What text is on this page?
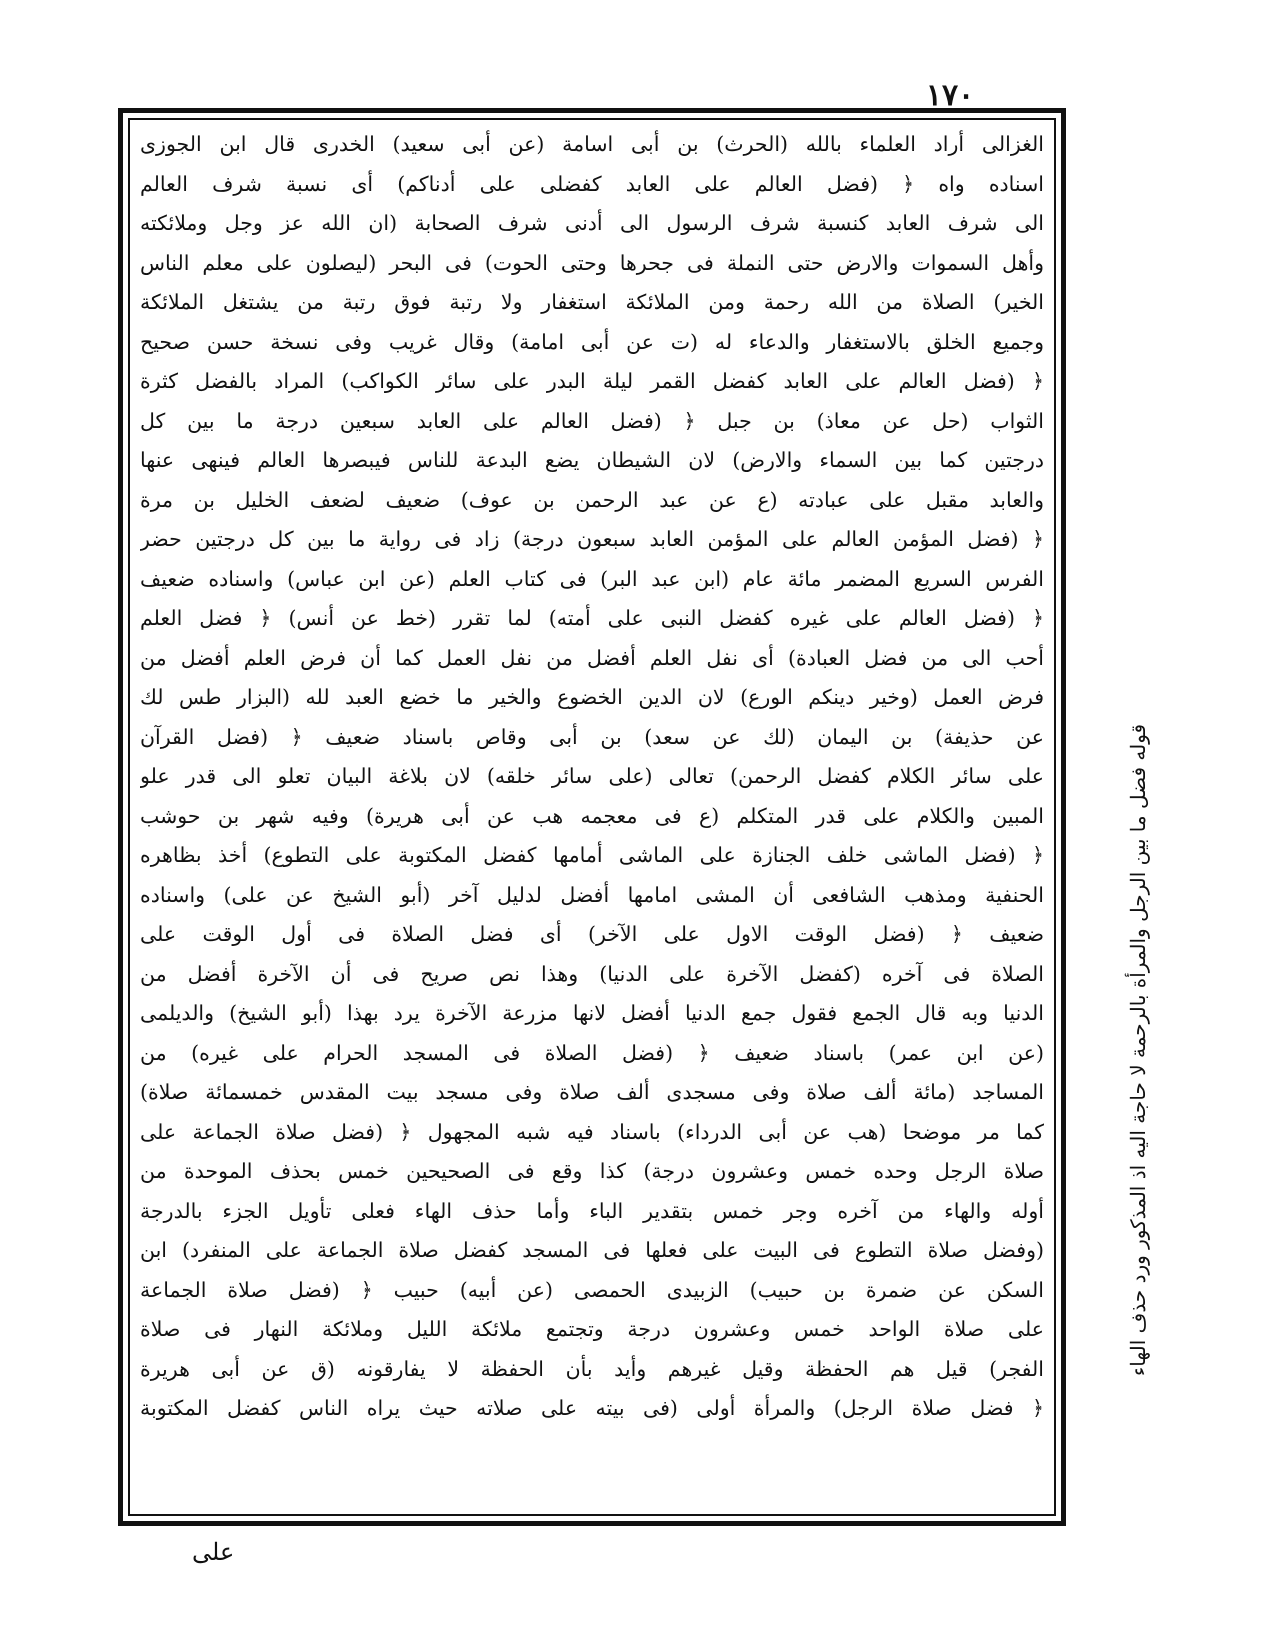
١٧٠
الغزالى أراد العلماء بالله (الحرث) بن أبى اسامة (عن أبى سعيد) الخدرى قال ابن الجوزى
اسناده واه ﴿ (فضل العالم على العابد كفضلى على أدناكم) أى نسبة شرف العالم
الى شرف العابد كنسبة شرف الرسول الى أدنى شرف الصحابة (ان الله عز وجل وملائكته
وأهل السموات والارض حتى النملة فى جحرها وحتى الحوت) فى البحر (ليصلون على معلم الناس
الخير) الصلاة من الله رحمة ومن الملائكة استغفار ولا رتبة فوق رتبة من يشتغل الملائكة
وجميع الخلق بالاستغفار والدعاء له (ت عن أبى امامة) وقال غريب وفى نسخة حسن صحيح
﴿ (فضل العالم على العابد كفضل القمر ليلة البدر على سائر الكواكب) المراد بالفضل كثرة
الثواب (حل عن معاذ) بن جبل ﴿ (فضل العالم على العابد سبعين درجة ما بين كل
درجتين كما بين السماء والارض) لان الشيطان يضع البدعة للناس فيبصرها العالم فينهى عنها
والعابد مقبل على عبادته (ع عن عبد الرحمن بن عوف) ضعيف لضعف الخليل بن مرة
﴿ (فضل المؤمن العالم على المؤمن العابد سبعون درجة) زاد فى رواية ما بين كل درجتين حضر
الفرس السريع المضمر مائة عام (ابن عبد البر) فى كتاب العلم (عن ابن عباس) واسناده ضعيف
﴿ (فضل العالم على غيره كفضل النبى على أمته) لما تقرر (خط عن أنس) ﴿ فضل العلم
أحب الى من فضل العبادة) أى نفل العلم أفضل من نفل العمل كما أن فرض العلم أفضل من
فرض العمل (وخير دينكم الورع) لان الدين الخضوع والخير ما خضع العبد لله (البزار طس لك
عن حذيفة) بن اليمان (لك عن سعد) بن أبى وقاص باسناد ضعيف ﴿ (فضل القرآن
على سائر الكلام كفضل الرحمن) تعالى (على سائر خلقه) لان بلاغة البيان تعلو الى قدر علو
المبين والكلام على قدر المتكلم (ع فى معجمه هب عن أبى هريرة) وفيه شهر بن حوشب
﴿ (فضل الماشى خلف الجنازة على الماشى أمامها كفضل المكتوبة على التطوع) أخذ بظاهره
الحنفية ومذهب الشافعى أن المشى امامها أفضل لدليل آخر (أبو الشيخ عن على) واسناده
ضعيف ﴿ (فضل الوقت الاول على الآخر) أى فضل الصلاة فى أول الوقت على
الصلاة فى آخره (كفضل الآخرة على الدنيا) وهذا نص صريح فى أن الآخرة أفضل من
الدنيا وبه قال الجمع فقول جمع الدنيا أفضل لانها مزرعة الآخرة يرد بهذا (أبو الشيخ) والديلمى
(عن ابن عمر) باسناد ضعيف ﴿ (فضل الصلاة فى المسجد الحرام على غيره) من
المساجد (مائة ألف صلاة وفى مسجدى ألف صلاة وفى مسجد بيت المقدس خمسمائة صلاة)
كما مر موضحا (هب عن أبى الدرداء) باسناد فيه شبه المجهول ﴿ (فضل صلاة الجماعة على
صلاة الرجل وحده خمس وعشرون درجة) كذا وقع فى الصحيحين خمس بحذف الموحدة من
أوله والهاء من آخره وجر خمس بتقدير الباء وأما حذف الهاء فعلى تأويل الجزء بالدرجة
(وفضل صلاة التطوع فى البيت على فعلها فى المسجد كفضل صلاة الجماعة على المنفرد) ابن
السكن عن ضمرة بن حبيب) الزبيدى الحمصى (عن أبيه) حبيب ﴿ (فضل صلاة الجماعة
على صلاة الواحد خمس وعشرون درجة وتجتمع ملائكة الليل وملائكة النهار فى صلاة
الفجر) قيل هم الحفظة وقيل غيرهم وأيد بأن الحفظة لا يفارقونه (ق عن أبى هريرة
﴿ فضل صلاة الرجل) والمرأة أولى (فى بيته على صلاته حيث يراه الناس كفضل المكتوبة
قوله فضل ما بين الرجل والمرأة بالرحمة لا حاجة اليه اذ المذكور ورد حذف الهاء
على
